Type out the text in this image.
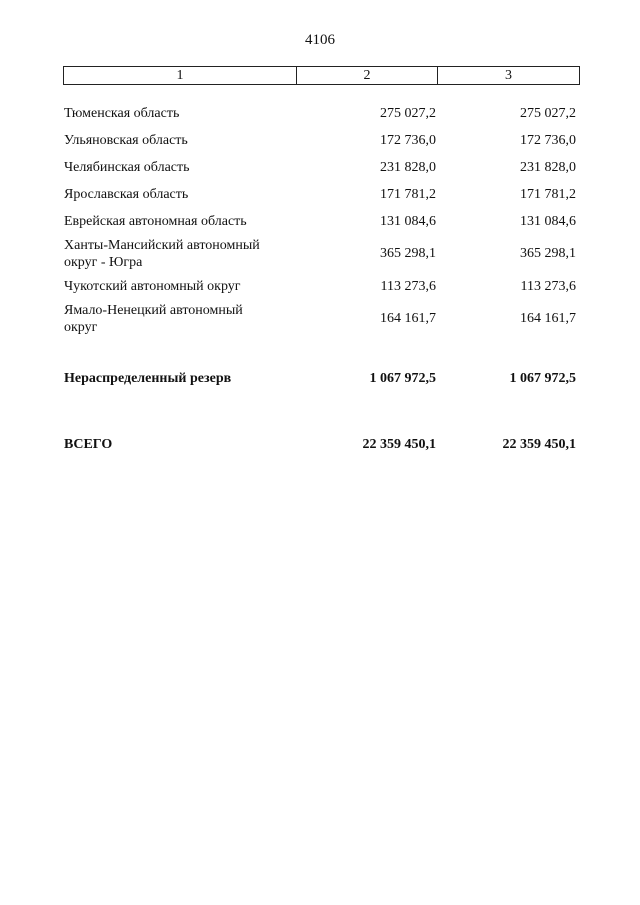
4106
1	2	3
Тюменская область	275 027,2	275 027,2
Ульяновская область	172 736,0	172 736,0
Челябинская область	231 828,0	231 828,0
Ярославская область	171 781,2	171 781,2
Еврейская автономная область	131 084,6	131 084,6
Ханты-Мансийский автономный
округ - Югра	365 298,1	365 298,1
Чукотский автономный округ	113 273,6	113 273,6
Ямало-Ненецкий автономный
округ	164 161,7	164 161,7

Нераспределенный резерв	1 067 972,5	1 067 972,5

ВСЕГО	22 359 450,1	22 359 450,1
